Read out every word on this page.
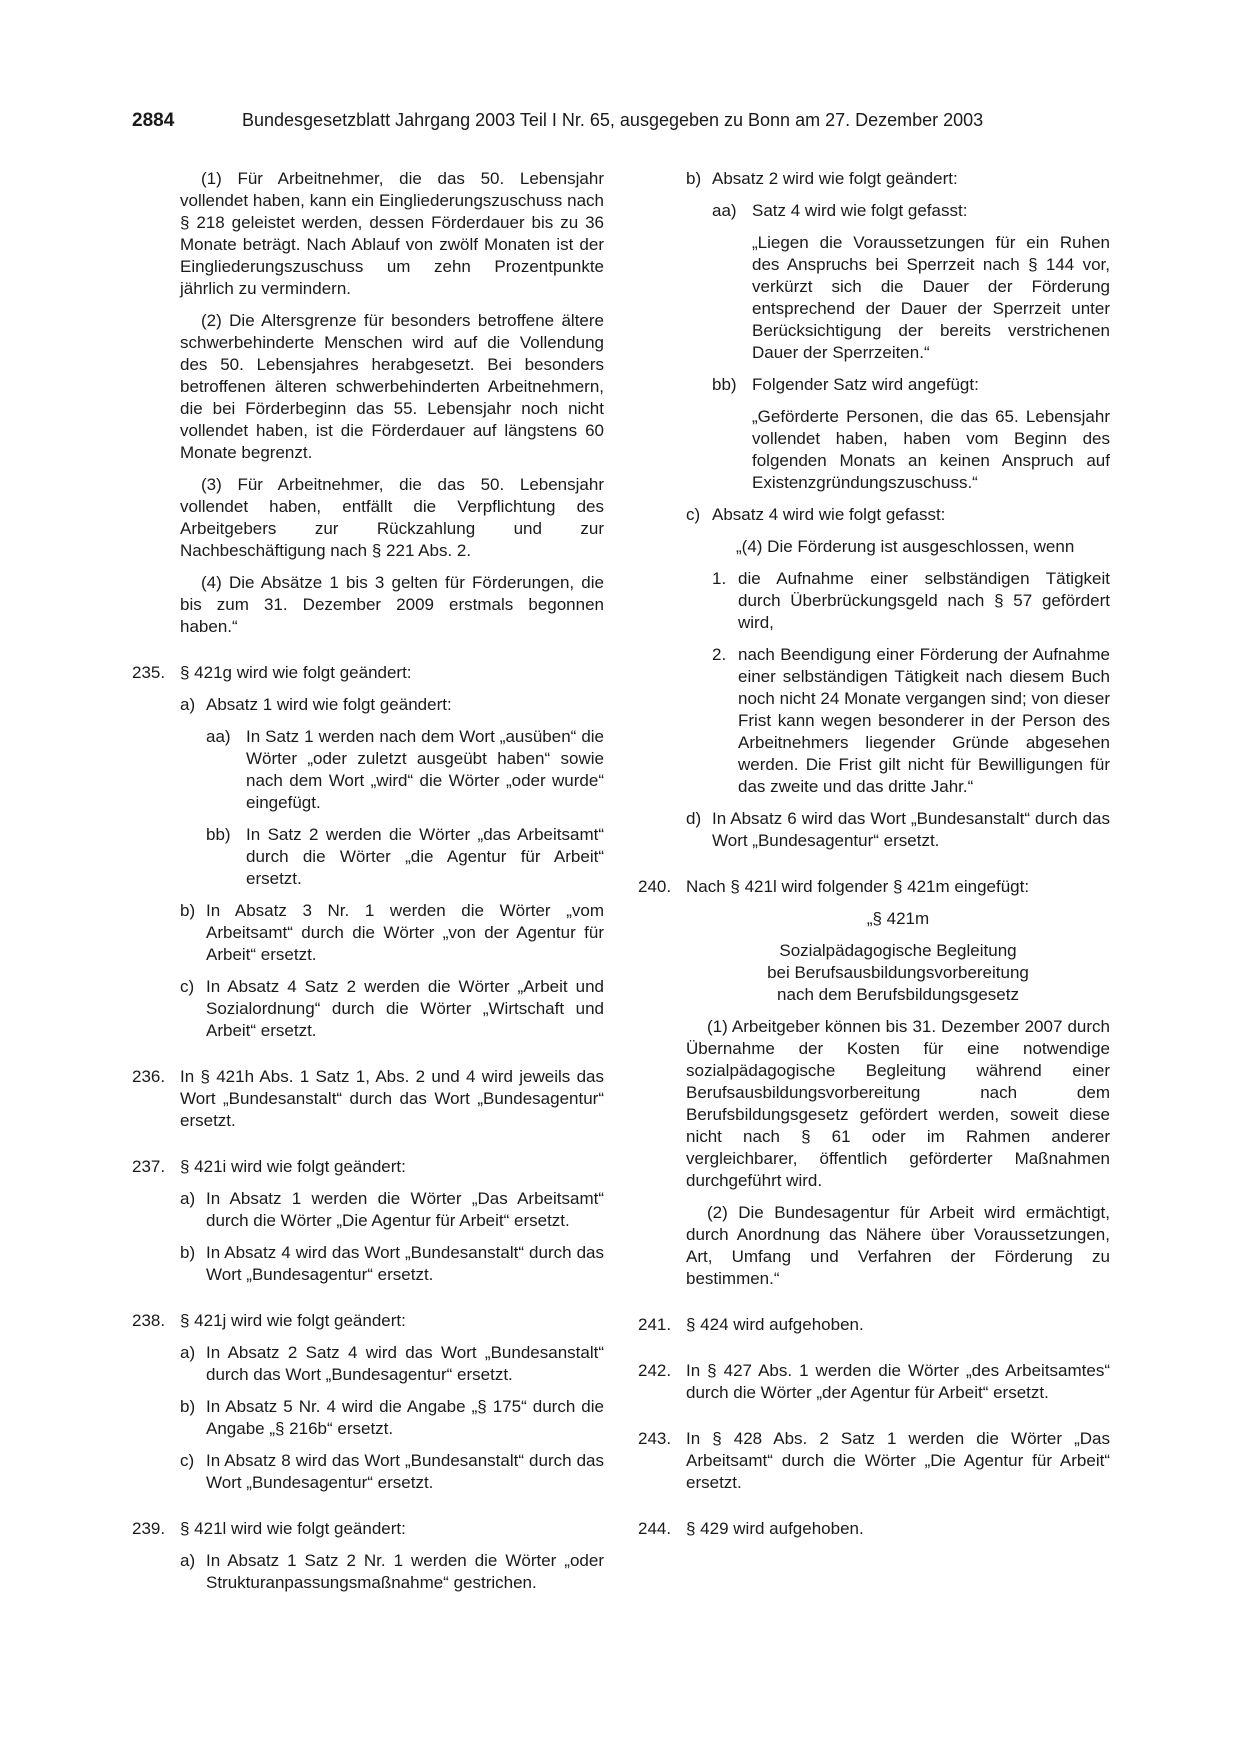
2884	Bundesgesetzblatt Jahrgang 2003 Teil I Nr. 65, ausgegeben zu Bonn am 27. Dezember 2003

(1) Für Arbeitnehmer, die das 50. Lebensjahr vollendet haben, kann ein Eingliederungszuschuss nach § 218 geleistet werden, dessen Förderdauer bis zu 36 Monate beträgt. Nach Ablauf von zwölf Monaten ist der Eingliederungszuschuss um zehn Prozentpunkte jährlich zu vermindern.

(2) Die Altersgrenze für besonders betroffene ältere schwerbehinderte Menschen wird auf die Vollendung des 50. Lebensjahres herabgesetzt. Bei besonders betroffenen älteren schwerbehinderten Arbeitnehmern, die bei Förderbeginn das 55. Lebensjahr noch nicht vollendet haben, ist die Förderdauer auf längstens 60 Monate begrenzt.

(3) Für Arbeitnehmer, die das 50. Lebensjahr vollendet haben, entfällt die Verpflichtung des Arbeitgebers zur Rückzahlung und zur Nachbeschäftigung nach § 221 Abs. 2.

(4) Die Absätze 1 bis 3 gelten für Förderungen, die bis zum 31. Dezember 2009 erstmals begonnen haben.“

235. § 421g wird wie folgt geändert:
a) Absatz 1 wird wie folgt geändert:
aa) In Satz 1 werden nach dem Wort „ausüben“ die Wörter „oder zuletzt ausgeübt haben“ sowie nach dem Wort „wird“ die Wörter „oder wurde“ eingefügt.
bb) In Satz 2 werden die Wörter „das Arbeitsamt“ durch die Wörter „die Agentur für Arbeit“ ersetzt.
b) In Absatz 3 Nr. 1 werden die Wörter „vom Arbeitsamt“ durch die Wörter „von der Agentur für Arbeit“ ersetzt.
c) In Absatz 4 Satz 2 werden die Wörter „Arbeit und Sozialordnung“ durch die Wörter „Wirtschaft und Arbeit“ ersetzt.
236. In § 421h Abs. 1 Satz 1, Abs. 2 und 4 wird jeweils das Wort „Bundesanstalt“ durch das Wort „Bundesagentur“ ersetzt.
237. § 421i wird wie folgt geändert:
a) In Absatz 1 werden die Wörter „Das Arbeitsamt“ durch die Wörter „Die Agentur für Arbeit“ ersetzt.
b) In Absatz 4 wird das Wort „Bundesanstalt“ durch das Wort „Bundesagentur“ ersetzt.
238. § 421j wird wie folgt geändert:
a) In Absatz 2 Satz 4 wird das Wort „Bundesanstalt“ durch das Wort „Bundesagentur“ ersetzt.
b) In Absatz 5 Nr. 4 wird die Angabe „§ 175“ durch die Angabe „§ 216b“ ersetzt.
c) In Absatz 8 wird das Wort „Bundesanstalt“ durch das Wort „Bundesagentur“ ersetzt.
239. § 421l wird wie folgt geändert:
a) In Absatz 1 Satz 2 Nr. 1 werden die Wörter „oder Strukturanpassungsmaßnahme“ gestrichen.
b) Absatz 2 wird wie folgt geändert:
aa) Satz 4 wird wie folgt gefasst:

„Liegen die Voraussetzungen für ein Ruhen des Anspruchs bei Sperrzeit nach § 144 vor, verkürzt sich die Dauer der Förderung entsprechend der Dauer der Sperrzeit unter Berücksichtigung der bereits verstrichenen Dauer der Sperrzeiten.“

bb) Folgender Satz wird angefügt:

„Geförderte Personen, die das 65. Lebensjahr vollendet haben, haben vom Beginn des folgenden Monats an keinen Anspruch auf Existenzgründungszuschuss.“

c) Absatz 4 wird wie folgt gefasst:

„(4) Die Förderung ist ausgeschlossen, wenn

1. die Aufnahme einer selbständigen Tätigkeit durch Überbrückungsgeld nach § 57 gefördert wird,
2. nach Beendigung einer Förderung der Aufnahme einer selbständigen Tätigkeit nach diesem Buch noch nicht 24 Monate vergangen sind; von dieser Frist kann wegen besonderer in der Person des Arbeitnehmers liegender Gründe abgesehen werden. Die Frist gilt nicht für Bewilligungen für das zweite und das dritte Jahr.“
d) In Absatz 6 wird das Wort „Bundesanstalt“ durch das Wort „Bundesagentur“ ersetzt.
240. Nach § 421l wird folgender § 421m eingefügt:

„§ 421m

Sozialpädagogische Begleitung

bei Berufsausbildungsvorbereitung

nach dem Berufsbildungsgesetz

(1) Arbeitgeber können bis 31. Dezember 2007 durch Übernahme der Kosten für eine notwendige sozialpädagogische Begleitung während einer Berufsausbildungsvorbereitung nach dem Berufsbildungsgesetz gefördert werden, soweit diese nicht nach § 61 oder im Rahmen anderer vergleichbarer, öffentlich geförderter Maßnahmen durchgeführt wird.

(2) Die Bundesagentur für Arbeit wird ermächtigt, durch Anordnung das Nähere über Voraussetzungen, Art, Umfang und Verfahren der Förderung zu bestimmen.“

241. § 424 wird aufgehoben.
242. In § 427 Abs. 1 werden die Wörter „des Arbeitsamtes“ durch die Wörter „der Agentur für Arbeit“ ersetzt.
243. In § 428 Abs. 2 Satz 1 werden die Wörter „Das Arbeitsamt“ durch die Wörter „Die Agentur für Arbeit“ ersetzt.
244. § 429 wird aufgehoben.
